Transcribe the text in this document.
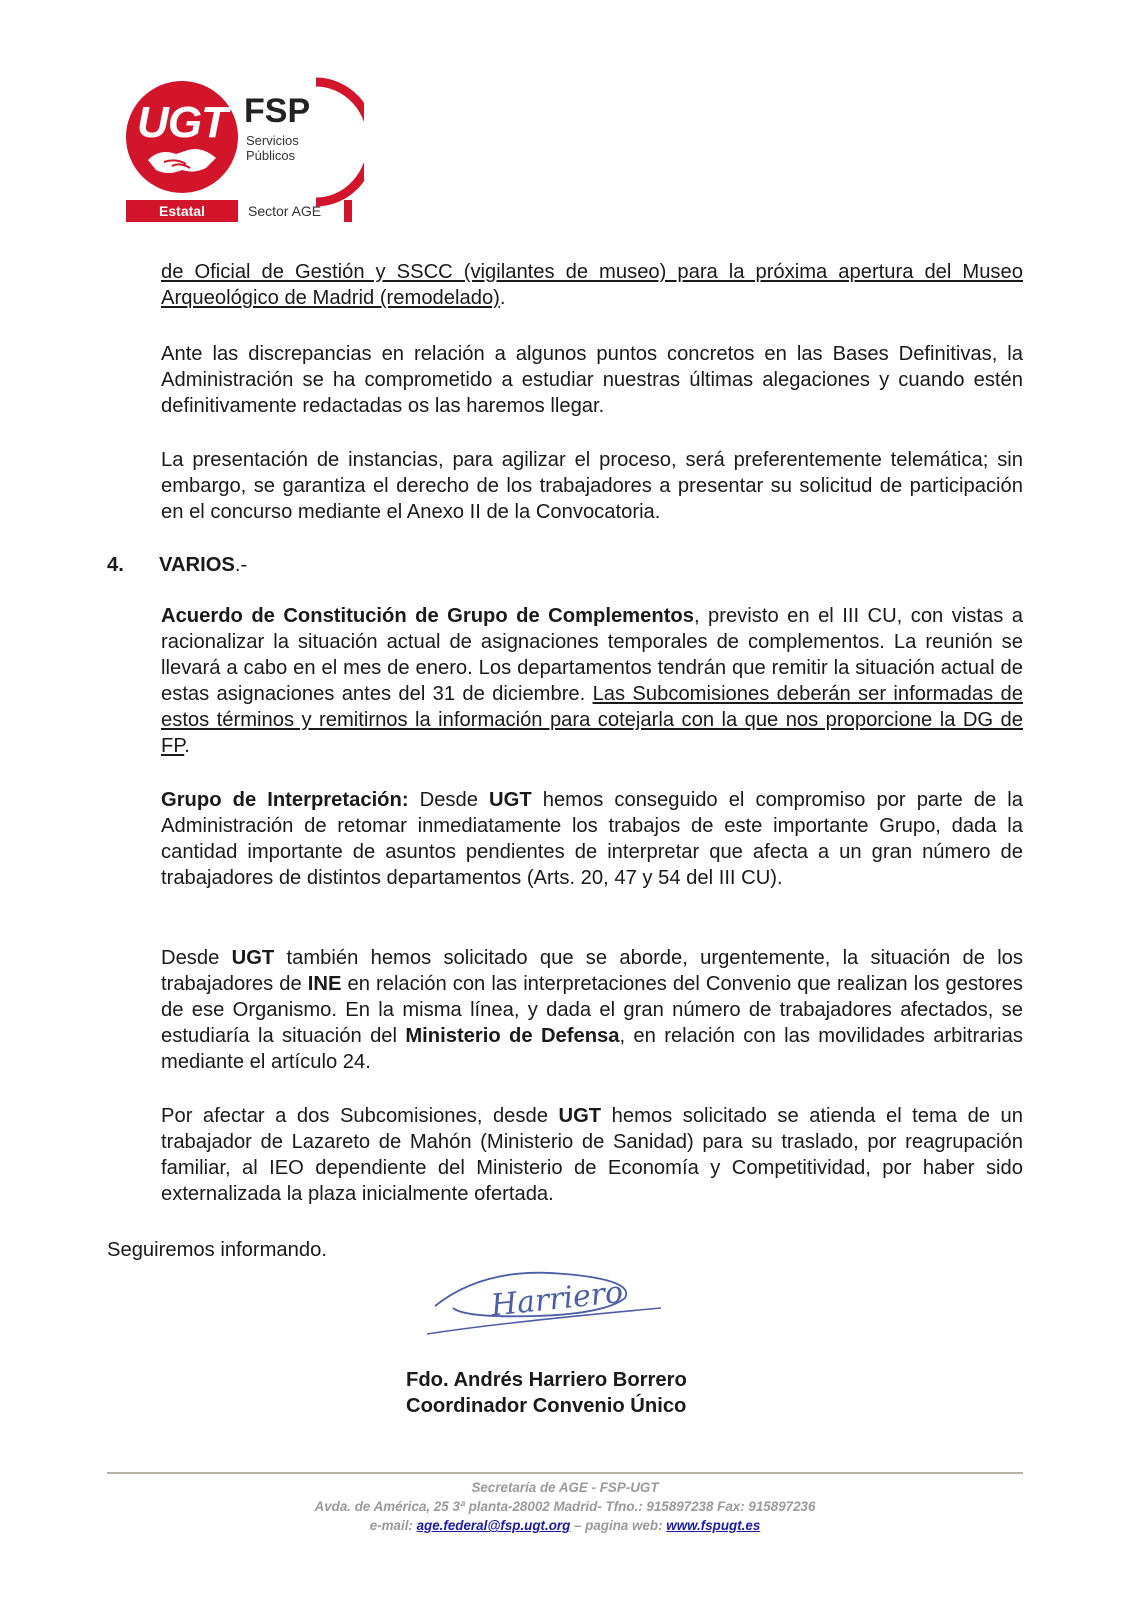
UGT FSP
Servicios
Públicos
Estatal	Sector AGE

de Oficial de Gestión y SSCC (vigilantes de museo) para la próxima apertura del Museo Arqueológico de Madrid (remodelado).

Ante las discrepancias en relación a algunos puntos concretos en las Bases Definitivas, la Administración se ha comprometido a estudiar nuestras últimas alegaciones y cuando estén definitivamente redactadas os las haremos llegar.

La presentación de instancias, para agilizar el proceso, será preferentemente telemática; sin embargo, se garantiza el derecho de los trabajadores a presentar su solicitud de participación en el concurso mediante el Anexo II de la Convocatoria.

4. VARIOS.-

Acuerdo de Constitución de Grupo de Complementos, previsto en el III CU, con vistas a racionalizar la situación actual de asignaciones temporales de complementos. La reunión se llevará a cabo en el mes de enero. Los departamentos tendrán que remitir la situación actual de estas asignaciones antes del 31 de diciembre. Las Subcomisiones deberán ser informadas de estos términos y remitirnos la información para cotejarla con la que nos proporcione la DG de FP.

Grupo de Interpretación: Desde UGT hemos conseguido el compromiso por parte de la Administración de retomar inmediatamente los trabajos de este importante Grupo, dada la cantidad importante de asuntos pendientes de interpretar que afecta a un gran número de trabajadores de distintos departamentos (Arts. 20, 47 y 54 del III CU).

Desde UGT también hemos solicitado que se aborde, urgentemente, la situación de los trabajadores de INE en relación con las interpretaciones del Convenio que realizan los gestores de ese Organismo. En la misma línea, y dada el gran número de trabajadores afectados, se estudiaría la situación del Ministerio de Defensa, en relación con las movilidades arbitrarias mediante el artículo 24.

Por afectar a dos Subcomisiones, desde UGT hemos solicitado se atienda el tema de un trabajador de Lazareto de Mahón (Ministerio de Sanidad) para su traslado, por reagrupación familiar, al IEO dependiente del Ministerio de Economía y Competitividad, por haber sido externalizada la plaza inicialmente ofertada.

Seguiremos informando.

Harriero
Fdo. Andrés Harriero Borrero
Coordinador Convenio Único
Secretaría de AGE - FSP-UGT
Avda. de América, 25 3ª planta-28002 Madrid- Tfno.: 915897238 Fax: 915897236
e-mail: age.federal@fsp.ugt.org – pagina web: www.fspugt.es
